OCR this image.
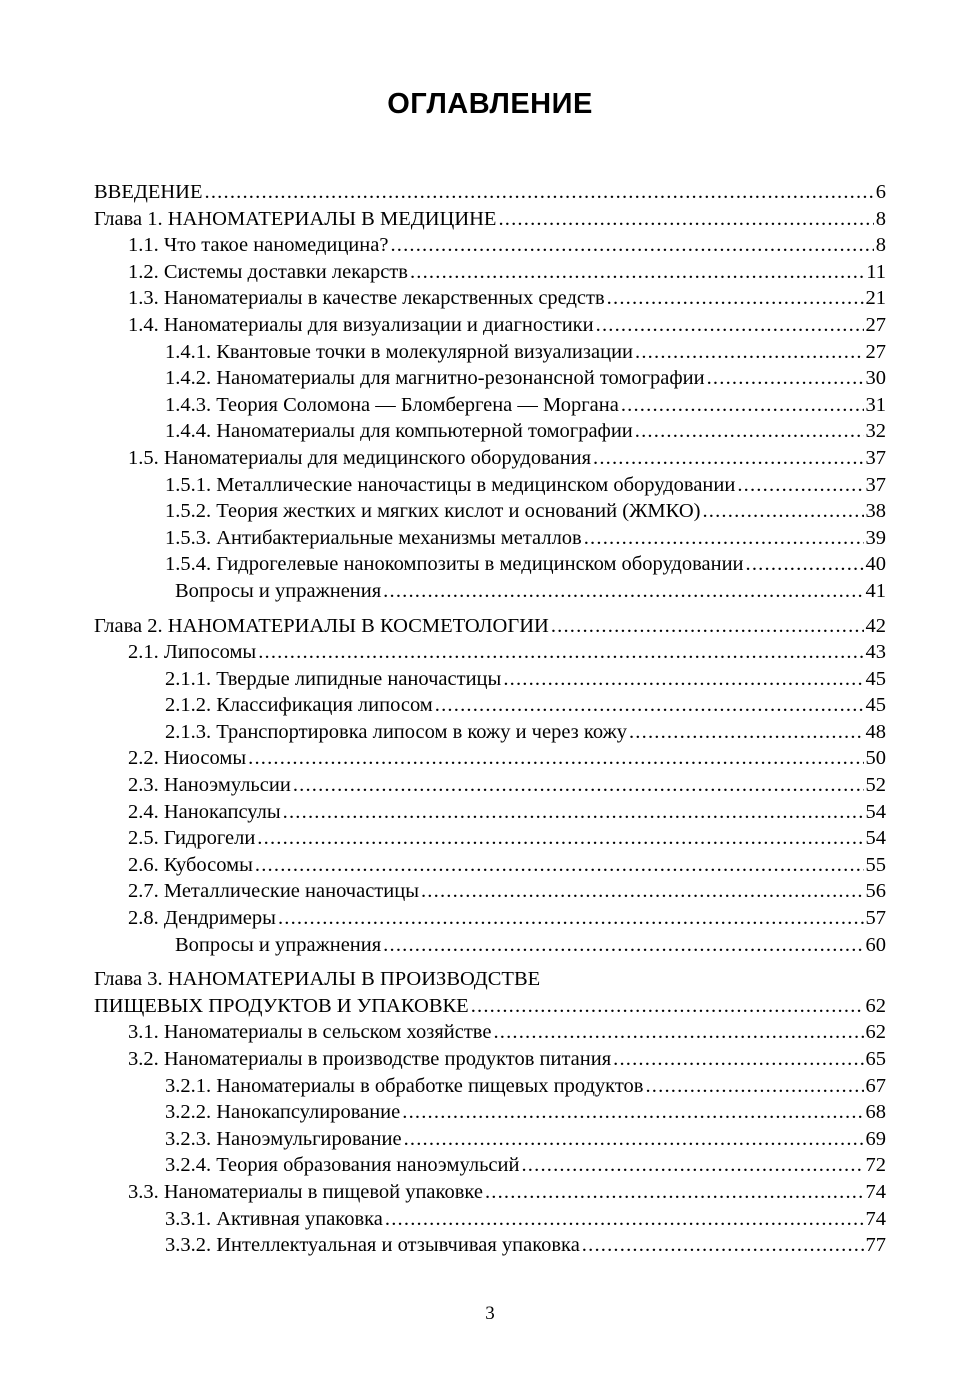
ОГЛАВЛЕНИЕ
ВВЕДЕНИЕ .....	6
Глава 1. НАНОМАТЕРИАЛЫ В МЕДИЦИНЕ .....	8
1.1. Что такое наномедицина? .....	8
1.2. Системы доставки лекарств .....	11
1.3. Наноматериалы в качестве лекарственных средств .....	21
1.4. Наноматериалы для визуализации и диагностики .....	27
1.4.1. Квантовые точки в молекулярной визуализации .....	27
1.4.2. Наноматериалы для магнитно-резонансной томографии .....	30
1.4.3. Теория Соломона — Бломбергена — Моргана .....	31
1.4.4. Наноматериалы для компьютерной томографии .....	32
1.5. Наноматериалы для медицинского оборудования .....	37
1.5.1. Металлические наночастицы в медицинском оборудовании .....	37
1.5.2. Теория жестких и мягких кислот и оснований (ЖМКО) .....	38
1.5.3. Антибактериальные механизмы металлов .....	39
1.5.4. Гидрогелевые нанокомпозиты в медицинском оборудовании .....	40
Вопросы и упражнения .....	41
Глава 2. НАНОМАТЕРИАЛЫ В КОСМЕТОЛОГИИ .....	42
2.1. Липосомы .....	43
2.1.1. Твердые липидные наночастицы .....	45
2.1.2. Классификация липосом .....	45
2.1.3. Транспортировка липосом в кожу и через кожу .....	48
2.2. Ниосомы .....	50
2.3. Наноэмульсии .....	52
2.4. Нанокапсулы .....	54
2.5. Гидрогели .....	54
2.6. Кубосомы .....	55
2.7. Металлические наночастицы .....	56
2.8. Дендримеры .....	57
Вопросы и упражнения .....	60
Глава 3. НАНОМАТЕРИАЛЫ В ПРОИЗВОДСТВЕ
ПИЩЕВЫХ ПРОДУКТОВ И УПАКОВКЕ .....	62
3.1. Наноматериалы в сельском хозяйстве .....	62
3.2. Наноматериалы в производстве продуктов питания .....	65
3.2.1. Наноматериалы в обработке пищевых продуктов .....	67
3.2.2. Нанокапсулирование .....	68
3.2.3. Наноэмульгирование .....	69
3.2.4. Теория образования наноэмульсий .....	72
3.3. Наноматериалы в пищевой упаковке .....	74
3.3.1. Активная упаковка .....	74
3.3.2. Интеллектуальная и отзывчивая упаковка .....	77
3
